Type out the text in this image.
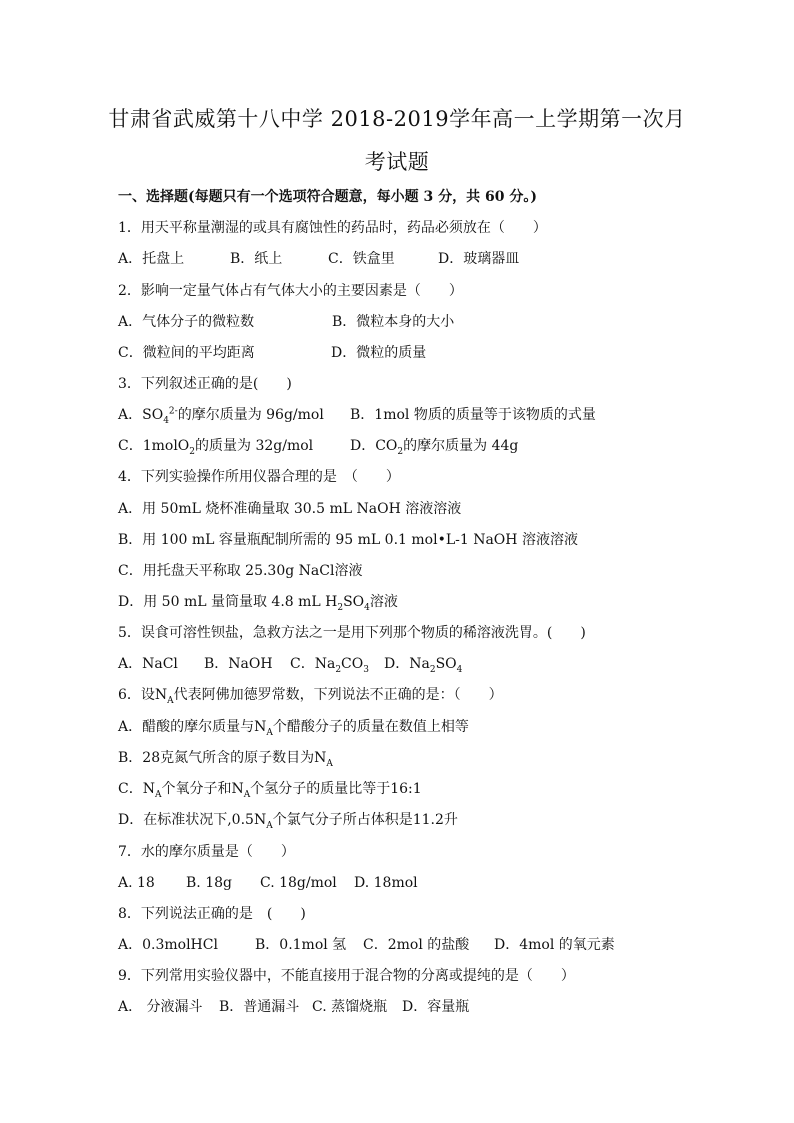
甘肃省武威第十八中学 2018-2019学年高一上学期第一次月
考试题
一、选择题(每题只有一个选项符合题意，每小题 3 分，共 60 分。)
1．用天平称量潮湿的或具有腐蚀性的药品时，药品必须放在（　　）
A．托盘上	B．纸上	C．铁盒里	D．玻璃器皿
2．影响一定量气体占有气体大小的主要因素是（　　）
A．气体分子的微粒数	B．微粒本身的大小
C．微粒间的平均距离	D．微粒的质量
3．下列叙述正确的是(　　)
A．$SO_4^{2-}$的摩尔质量为 96g/mol B．1mol 物质的质量等于该物质的式量
C．1molO$_2$的质量为 32g/mol	D．$CO_2$的摩尔质量为 44g
4．下列实验操作所用仪器合理的是　（　　）
A．用 50mL 烧杯准确量取 30.5 mL NaOH 溶液溶液
B．用 100 mL 容量瓶配制所需的 95 mL 0.1 mol•L-1 NaOH 溶液溶液
C．用托盘天平称取 25.30g NaCl溶液
D．用 50 mL 量筒量取 4.8 mL $H_2SO_4$溶液
5．误食可溶性钡盐，急救方法之一是用下列那个物质的稀溶液洗胃。(　　)
A．NaCl B．NaOH C．$Na_2CO_3$ D．$Na_2SO_4$
6．设$N_A$代表阿佛加德罗常数，下列说法不正确的是：（　　）
A．醋酸的摩尔质量与$N_A$个醋酸分子的质量在数值上相等
B．28克氮气所含的原子数目为$N_A$
C．$N_A$个氧分子和$N_A$个氢分子的质量比等于16:1
D．在标准状况下$,0.5N_A$个氯气分子所占体积是11.2升
7．水的摩尔质量是（　　）
A. 18 B. 18g C. 18g/mol D. 18mol
8．下列说法正确的是　(　　)
A．0.3molHCl	B．0.1mol 氢 C．2mol 的盐酸 D．4mol 的氧元素
9．下列常用实验仪器中，不能直接用于混合物的分离或提纯的是（　　）
A． 分液漏斗 B．普通漏斗 C. 蒸馏烧瓶 D．容量瓶
